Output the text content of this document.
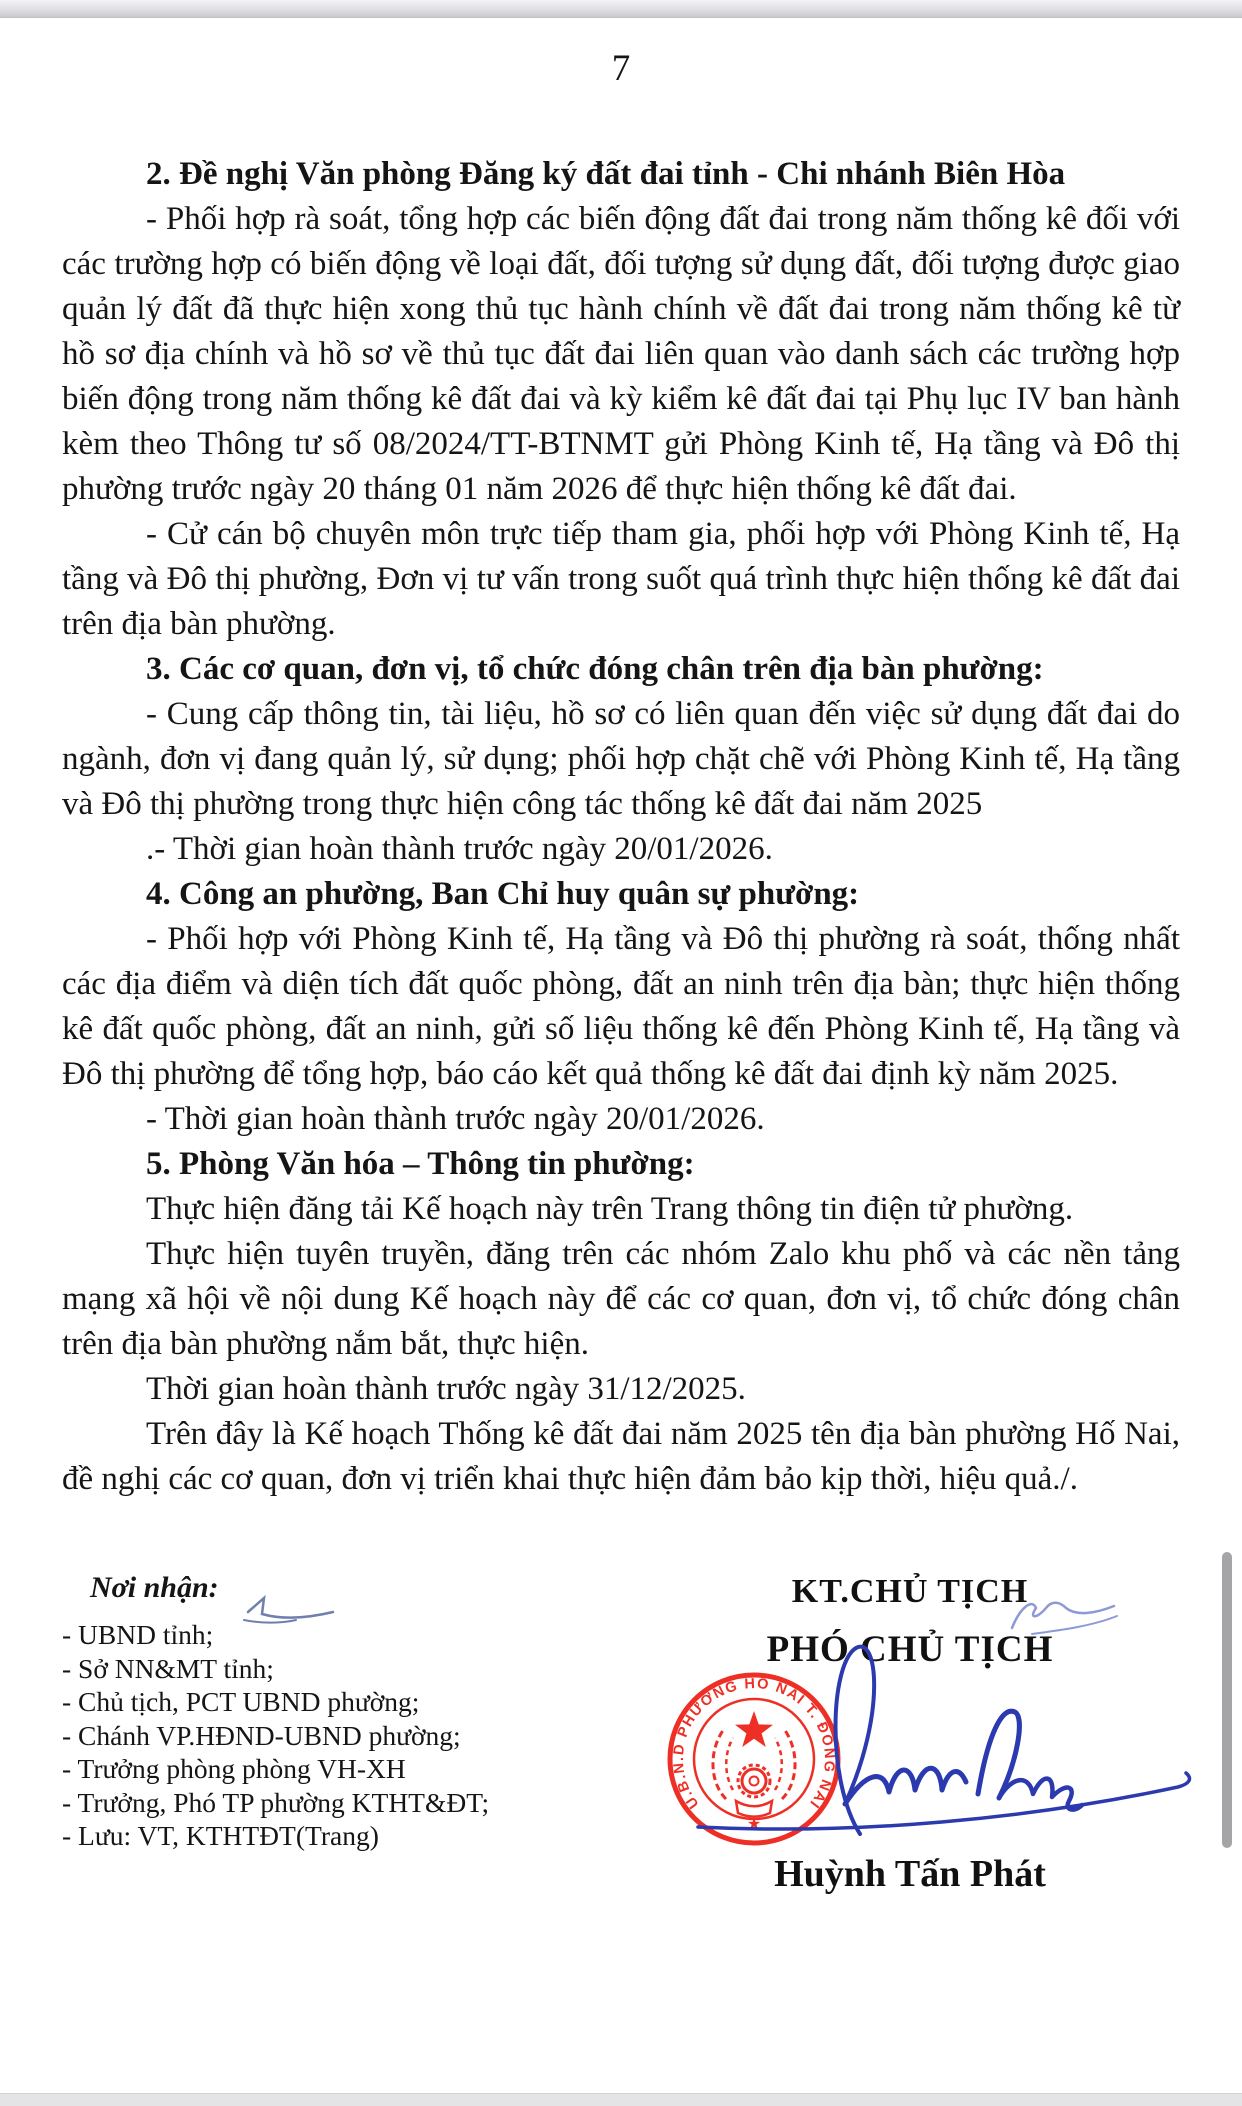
7

2. Đề nghị Văn phòng Đăng ký đất đai tỉnh - Chi nhánh Biên Hòa

- Phối hợp rà soát, tổng hợp các biến động đất đai trong năm thống kê đối với các trường hợp có biến động về loại đất, đối tượng sử dụng đất, đối tượng được giao quản lý đất đã thực hiện xong thủ tục hành chính về đất đai trong năm thống kê từ hồ sơ địa chính và hồ sơ về thủ tục đất đai liên quan vào danh sách các trường hợp biến động trong năm thống kê đất đai và kỳ kiểm kê đất đai tại Phụ lục IV ban hành kèm theo Thông tư số 08/2024/TT-BTNMT gửi Phòng Kinh tế, Hạ tầng và Đô thị phường trước ngày 20 tháng 01 năm 2026 để thực hiện thống kê đất đai.

- Cử cán bộ chuyên môn trực tiếp tham gia, phối hợp với Phòng Kinh tế, Hạ tầng và Đô thị phường, Đơn vị tư vấn trong suốt quá trình thực hiện thống kê đất đai trên địa bàn phường.

3. Các cơ quan, đơn vị, tổ chức đóng chân trên địa bàn phường:

- Cung cấp thông tin, tài liệu, hồ sơ có liên quan đến việc sử dụng đất đai do ngành, đơn vị đang quản lý, sử dụng; phối hợp chặt chẽ với Phòng Kinh tế, Hạ tầng và Đô thị phường trong thực hiện công tác thống kê đất đai năm 2025

.- Thời gian hoàn thành trước ngày 20/01/2026.

4. Công an phường, Ban Chỉ huy quân sự phường:

- Phối hợp với Phòng Kinh tế, Hạ tầng và Đô thị phường rà soát, thống nhất các địa điểm và diện tích đất quốc phòng, đất an ninh trên địa bàn; thực hiện thống kê đất quốc phòng, đất an ninh, gửi số liệu thống kê đến Phòng Kinh tế, Hạ tầng và Đô thị phường để tổng hợp, báo cáo kết quả thống kê đất đai định kỳ năm 2025.

- Thời gian hoàn thành trước ngày 20/01/2026.

5. Phòng Văn hóa – Thông tin phường:

Thực hiện đăng tải Kế hoạch này trên Trang thông tin điện tử phường.

Thực hiện tuyên truyền, đăng trên các nhóm Zalo khu phố và các nền tảng mạng xã hội về nội dung Kế hoạch này để các cơ quan, đơn vị, tổ chức đóng chân trên địa bàn phường nắm bắt, thực hiện.

Thời gian hoàn thành trước ngày 31/12/2025.

Trên đây là Kế hoạch Thống kê đất đai năm 2025 tên địa bàn phường Hố Nai, đề nghị các cơ quan, đơn vị triển khai thực hiện đảm bảo kịp thời, hiệu quả./.

Nơi nhận:
- UBND tỉnh;
- Sở NN&MT tỉnh;
- Chủ tịch, PCT UBND phường;
- Chánh VP.HĐND-UBND phường;
- Trưởng phòng phòng VH-XH
- Trưởng, Phó TP phường KTHT&ĐT;
- Lưu: VT, KTHTĐT(Trang)
KT.CHỦ TỊCH
PHÓ CHỦ TỊCH
U.B.N.D PHƯỜNG HỐ NAI T. ĐỒNG NAI
★
Huỳnh Tấn Phát
